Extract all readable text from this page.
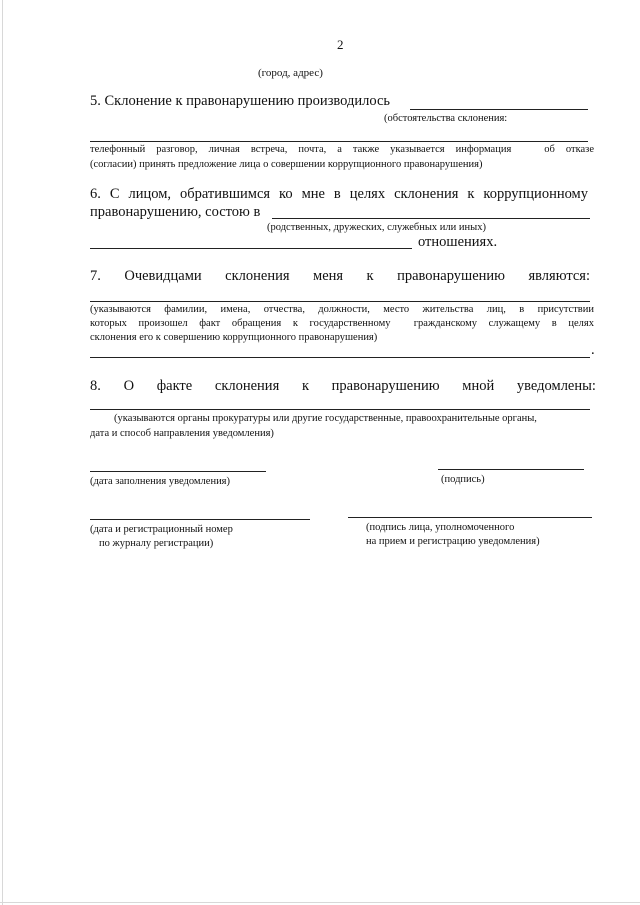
2
(город, адрес)
5. Склонение к правонарушению производилось
(обстоятельства склонения:
телефонный разговор, личная встреча, почта, а также указывается информация   об отказе
(согласии) принять предложение лица о совершении коррупционного правонарушения)
6. С лицом, обратившимся ко мне в целях склонения к коррупционному
правонарушению, состою в
(родственных, дружеских, служебных или иных)
отношениях.
7. Очевидцами склонения меня к правонарушению являются:
(указываются фамилии, имена, отчества, должности, место жительства лиц, в присутствии
которых произошел факт обращения к государственному  гражданскому служащему в целях
склонения его к совершению коррупционного правонарушения)
.
8. О факте склонения к правонарушению мной уведомлены:
(указываются органы прокуратуры или другие государственные, правоохранительные органы,
дата и способ направления уведомления)
(дата заполнения уведомления)	(подпись)
(дата и регистрационный номер
по журналу регистрации)
(подпись лица, уполномоченного
на прием и регистрацию уведомления)
